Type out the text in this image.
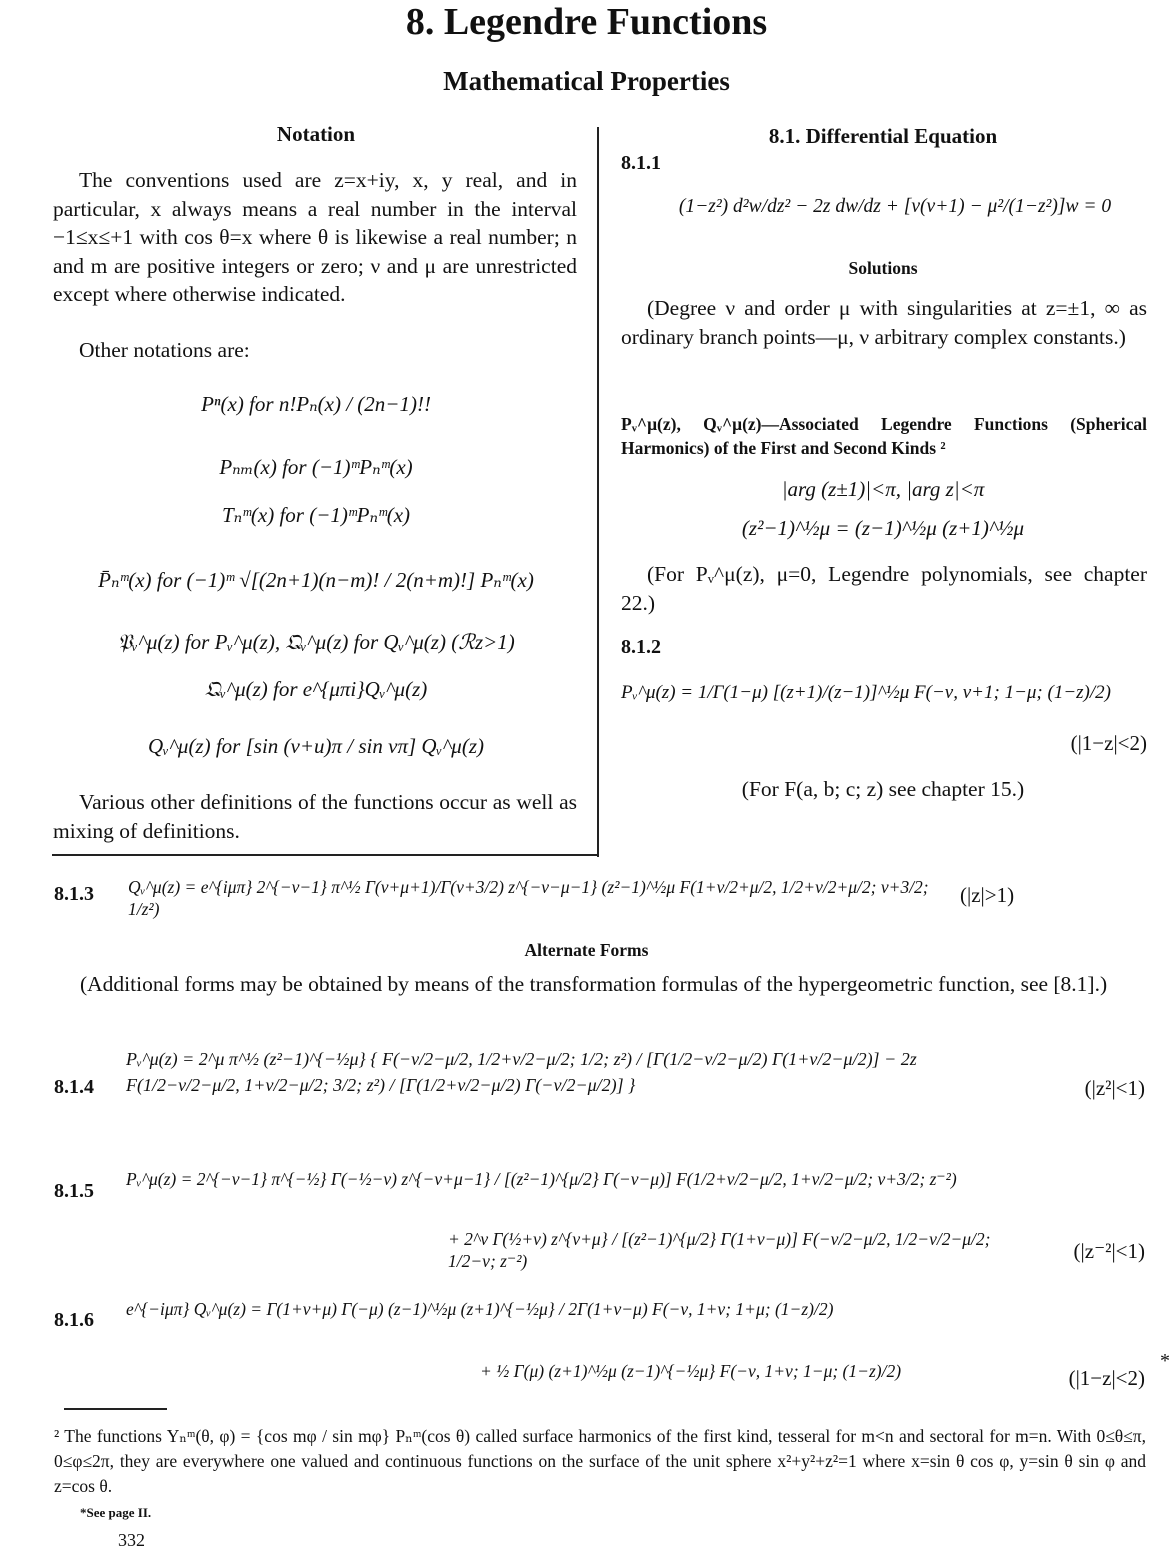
8. Legendre Functions
Mathematical Properties
Notation
The conventions used are z=x+iy, x, y real, and in particular, x always means a real number in the interval −1≤x≤+1 with cos θ=x where θ is likewise a real number; n and m are positive integers or zero; ν and μ are unrestricted except where otherwise indicated.
Other notations are:
Pⁿ(x) for n!Pₙ(x) / (2n−1)!!
Pₙₘ(x) for (−1)ᵐPₙᵐ(x)
Tₙᵐ(x) for (−1)ᵐPₙᵐ(x)
P̄ₙᵐ(x) for (−1)ᵐ √[(2n+1)(n−m)! / 2(n+m)!] Pₙᵐ(x)
𝔓ᵥ^μ(z) for Pᵥ^μ(z), 𝔔ᵥ^μ(z) for Qᵥ^μ(z) (ℛz>1)
𝔔ᵥ^μ(z) for e^{μπi}Qᵥ^μ(z)
Qᵥ^μ(z) for [sin (ν+u)π / sin νπ] Qᵥ^μ(z)
Various other definitions of the functions occur as well as mixing of definitions.
8.1. Differential Equation
8.1.1
(1−z²) d²w/dz² − 2z dw/dz + [ν(ν+1) − μ²/(1−z²)]w = 0
Solutions
(Degree ν and order μ with singularities at z=±1, ∞ as ordinary branch points—μ, ν arbitrary complex constants.)
Pᵥ^μ(z), Qᵥ^μ(z)—Associated Legendre Functions (Spherical Harmonics) of the First and Second Kinds ²
|arg (z±1)|<π, |arg z|<π
(z²−1)^½μ = (z−1)^½μ (z+1)^½μ
(For Pᵥ^μ(z), μ=0, Legendre polynomials, see chapter 22.)
8.1.2
Pᵥ^μ(z) = 1/Γ(1−μ) [(z+1)/(z−1)]^½μ F(−ν, ν+1; 1−μ; (1−z)/2)
(|1−z|<2)
(For F(a, b; c; z) see chapter 15.)
8.1.3 Qᵥ^μ(z) = e^{iμπ} 2^{−ν−1} π^½ Γ(ν+μ+1)/Γ(ν+3/2) z^{−ν−μ−1} (z²−1)^½μ F(1+ν/2+μ/2, 1/2+ν/2+μ/2; ν+3/2; 1/z²)
(|z|>1)
Alternate Forms
(Additional forms may be obtained by means of the transformation formulas of the hypergeometric function, see [8.1].)
8.1.4
Pᵥ^μ(z) = 2^μ π^½ (z²−1)^{−½μ} { F(−ν/2−μ/2, 1/2+ν/2−μ/2; 1/2; z²) / [Γ(1/2−ν/2−μ/2) Γ(1+ν/2−μ/2)] − 2z F(1/2−ν/2−μ/2, 1+ν/2−μ/2; 3/2; z²) / [Γ(1/2+ν/2−μ/2) Γ(−ν/2−μ/2)] }	(|z²|<1)
8.1.5
Pᵥ^μ(z) = 2^{−ν−1} π^{−½} Γ(−½−ν) z^{−ν+μ−1} / [(z²−1)^{μ/2} Γ(−ν−μ)] F(1/2+ν/2−μ/2, 1+ν/2−μ/2; ν+3/2; z⁻²)
+ 2^ν Γ(½+ν) z^{ν+μ} / [(z²−1)^{μ/2} Γ(1+ν−μ)] F(−ν/2−μ/2, 1/2−ν/2−μ/2; 1/2−ν; z⁻²)	(|z⁻²|<1)
8.1.6 e^{−iμπ} Qᵥ^μ(z) = Γ(1+ν+μ) Γ(−μ) (z−1)^½μ (z+1)^{−½μ} / 2Γ(1+ν−μ) F(−ν, 1+ν; 1+μ; (1−z)/2)
+ ½ Γ(μ) (z+1)^½μ (z−1)^{−½μ} F(−ν, 1+ν; 1−μ; (1−z)/2)	(|1−z|<2)
*
² The functions Yₙᵐ(θ, φ) = {cos mφ / sin mφ} Pₙᵐ(cos θ) called surface harmonics of the first kind, tesseral for m<n and sectoral for m=n. With 0≤θ≤π, 0≤φ≤2π, they are everywhere one valued and continuous functions on the surface of the unit sphere x²+y²+z²=1 where x=sin θ cos φ, y=sin θ sin φ and z=cos θ.
*See page II.
332
